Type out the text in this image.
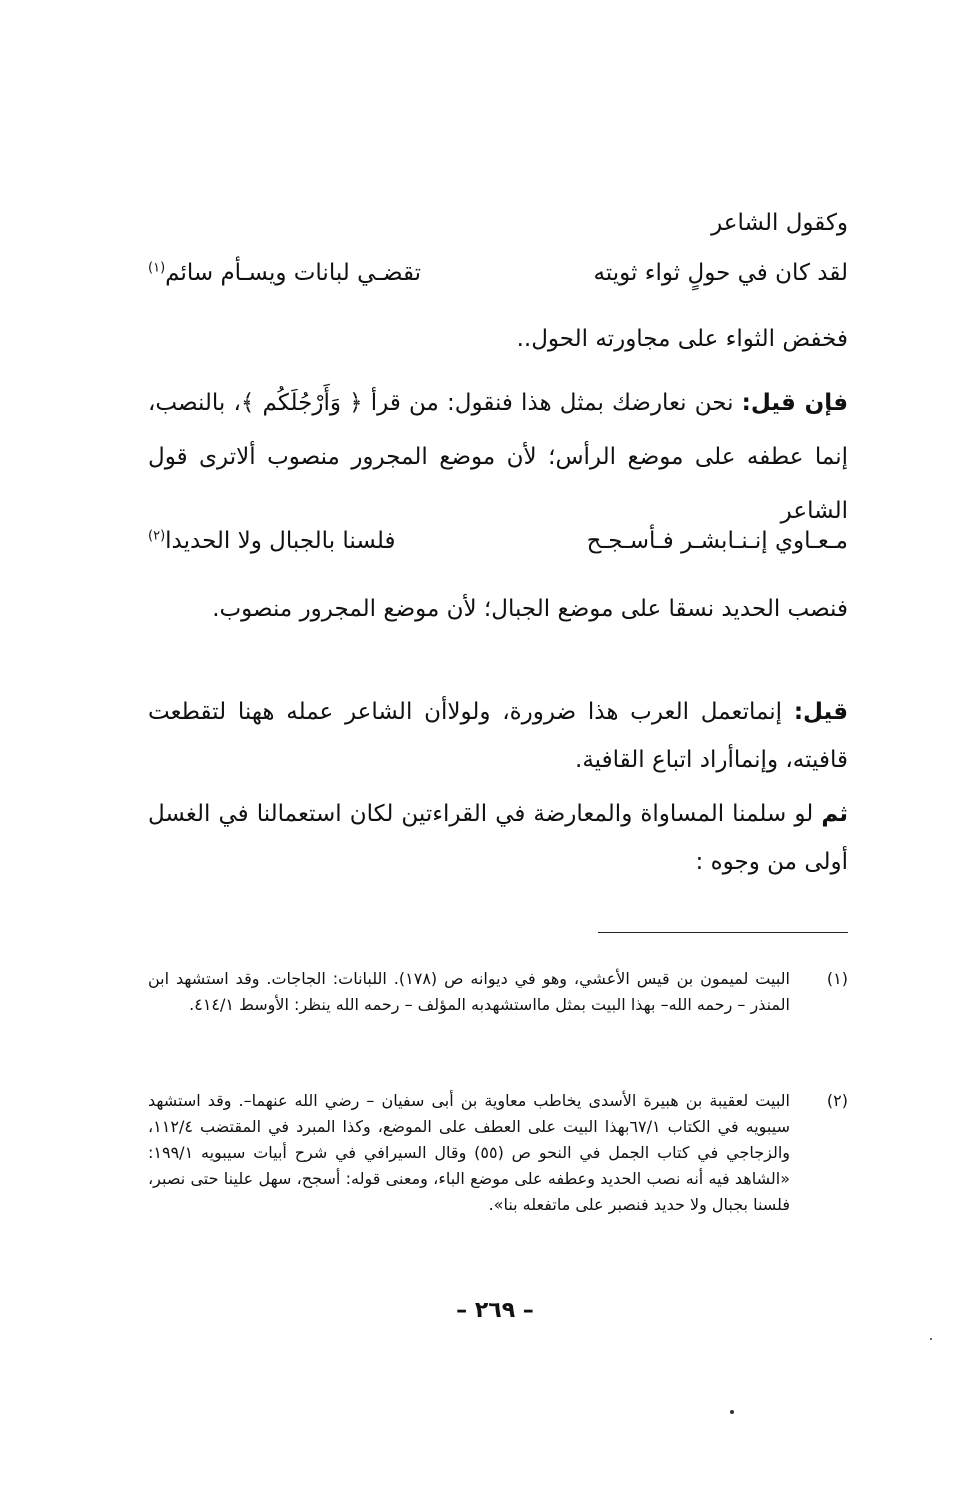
وكقول الشاعر

لقد كان في حولٍ ثواء ثويته
تقضـي لبانات ويسـأم سائم$^{(١)}$

فخفض الثواء على مجاورته الحول..

فإن قيل: نحن نعارضك بمثل هذا فنقول: من قرأ ﴿ وَأَرْجُلَكُم ﴾، بالنصب، إنما عطفه على موضع الرأس؛ لأن موضع المجرور منصوب ألاترى قول الشاعر

مـعـاوي إنـنـابشـر فـأسـجـح
فلسنا بالجبال ولا الحديدا$^{(٢)}$

فنصب الحديد نسقا على موضع الجبال؛ لأن موضع المجرور منصوب.

قيل: إنماتعمل العرب هذا ضرورة، ولولاأن الشاعر عمله ههنا لتقطعت قافيته، وإنماأراد اتباع القافية.

ثم لو سلمنا المساواة والمعارضة في القراءتين لكان استعمالنا في الغسل أولى من وجوه :

(١)
البيت لميمون بن قيس الأعشي، وهو في ديوانه ص (١٧٨). اللبانات: الجاجات. وقد استشهد ابن المنذر – رحمه الله– بهذا البيت بمثل مااستشهدبه المؤلف – رحمه الله ينظر: الأوسط ٤١٤/١.
(٢)
البيت لعقيبة بن هبيرة الأسدى يخاطب معاوية بن أبى سفيان – رضي الله عنهما–. وقد استشهد سيبويه في الكتاب ٦٧/١بهذا البيت على العطف على الموضع، وكذا المبرد في المقتضب ١١٢/٤، والزجاجي في كتاب الجمل في النحو ص (٥٥) وقال السيرافي في شرح أبيات سيبويه ١٩٩/١: «الشاهد فيه أنه نصب الحديد وعطفه على موضع الباء، ومعنى قوله: أسجح، سهل علينا حتى نصبر، فلسنا بجبال ولا حديد فنصبر على ماتفعله بنا».
– ٢٦٩ –
